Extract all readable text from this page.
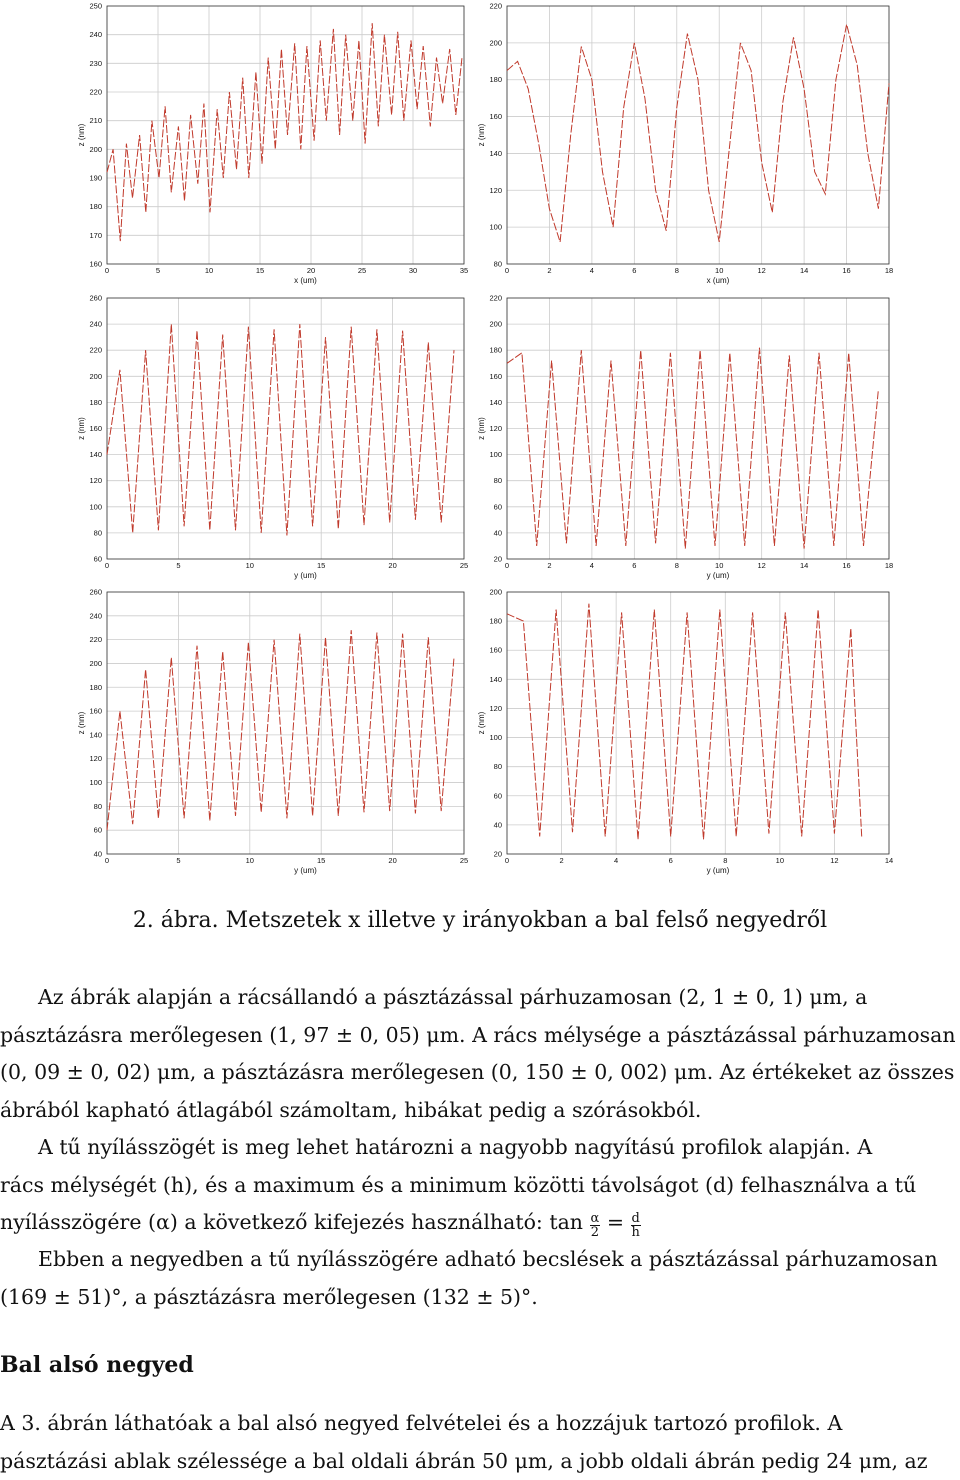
0	5	10	15	20	25	30	35
160
170
180
190
200
210
220
230
240
250
x (um)
z (nm)
0	2	4	6	8	10	12	14	16	18
80
100
120
140
160
180
200
220
x (um)
z (nm)
0	5	10	15	20	25
60
80
100
120
140
160
180
200
220
240
260
y (um)
z (nm)
0	2	4	6	8	10	12	14	16	18
20
40
60
80
100
120
140
160
180
200
220
y (um)
z (nm)
0	5	10	15	20	25
40
60
80
100
120
140
160
180
200
220
240
260
y (um)
z (nm)
0	2	4	6	8	10	12	14
20
40
60
80
100
120
140
160
180
200
y (um)
z (nm)
2. ábra. Metszetek x illetve y irányokban a bal felső negyedről
Az ábrák alapján a rácsállandó a pásztázással párhuzamosan (2, 1 ± 0, 1) μm, a
pásztázásra merőlegesen (1, 97 ± 0, 05) μm. A rács mélysége a pásztázással párhuzamosan
(0, 09 ± 0, 02) μm, a pásztázásra merőlegesen (0, 150 ± 0, 002) μm. Az értékeket az összes
ábrából kapható átlagából számoltam, hibákat pedig a szórásokból.
A tű nyílásszögét is meg lehet határozni a nagyobb nagyítású profilok alapján. A
rács mélységét (h), és a maximum és a minimum közötti távolságot (d) felhasználva a tű
nyílásszögére (α) a következő kifejezés használható: $\tan \frac{\alpha}{2} = \frac{d}{h}$
Ebben a negyedben a tű nyílásszögére adható becslések a pásztázással párhuzamosan
(169 ± 51)°, a pásztázásra merőlegesen (132 ± 5)°.
Bal alsó negyed
A 3. ábrán láthatóak a bal alsó negyed felvételei és a hozzájuk tartozó profilok. A
pásztázási ablak szélessége a bal oldali ábrán 50 μm, a jobb oldali ábrán pedig 24 μm, az
